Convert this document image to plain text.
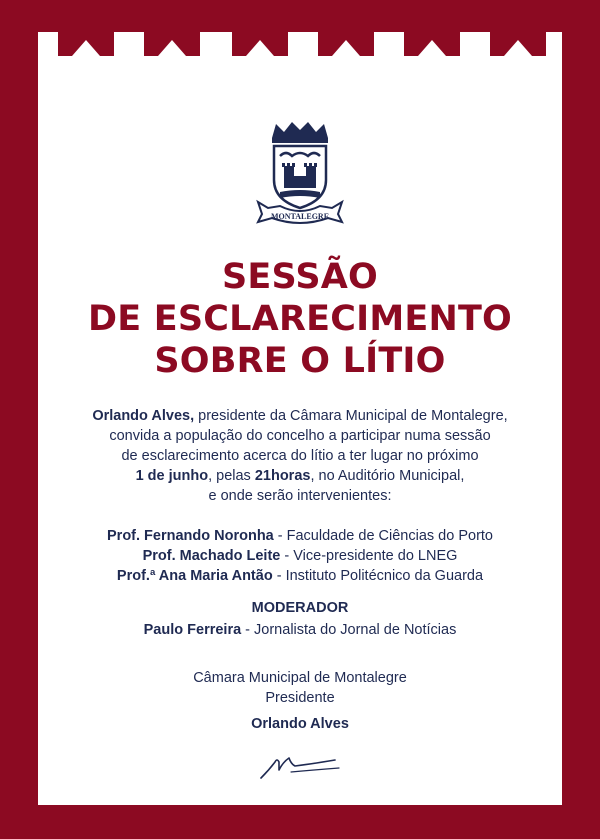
MONTALEGRE
SESSÃO
DE ESCLARECIMENTO
SOBRE O LÍTIO

Orlando Alves, presidente da Câmara Municipal de Montalegre,

convida a população do concelho a participar numa sessão

de esclarecimento acerca do lítio a ter lugar no próximo

1 de junho, pelas 21horas, no Auditório Municipal,

e onde serão intervenientes:

Prof. Fernando Noronha - Faculdade de Ciências do Porto

Prof. Machado Leite - Vice-presidente do LNEG

Prof.ª Ana Maria Antão - Instituto Politécnico da Guarda

MODERADOR

Paulo Ferreira - Jornalista do Jornal de Notícias

Câmara Municipal de Montalegre

Presidente

Orlando Alves
